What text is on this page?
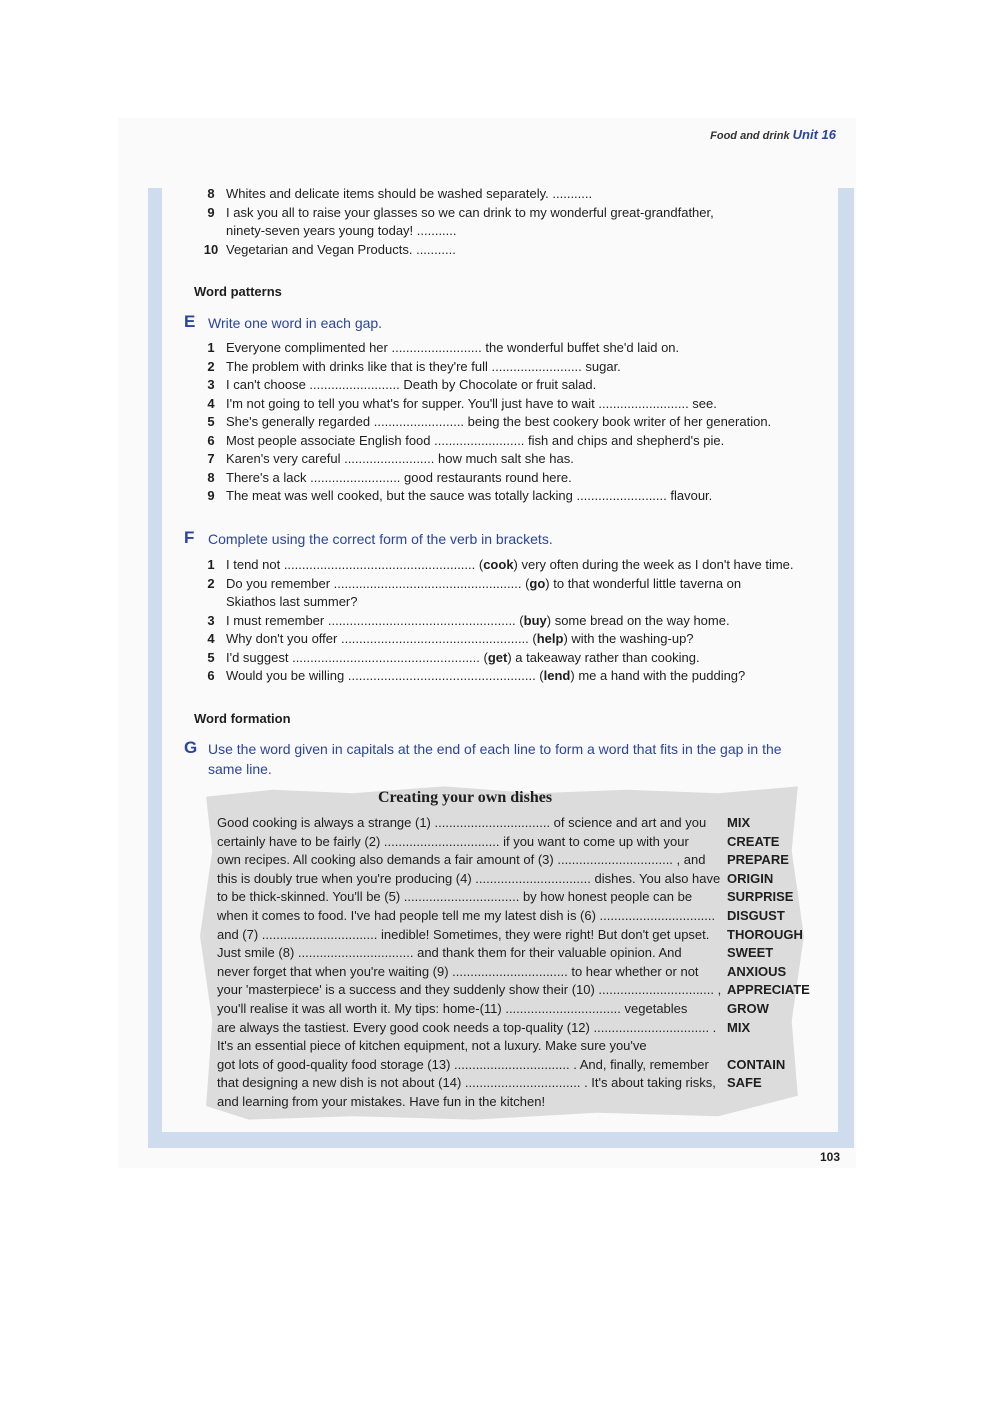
Food and drink Unit 16
8 Whites and delicate items should be washed separately. ...........
9 I ask you all to raise your glasses so we can drink to my wonderful great-grandfather,
ninety-seven years young today! ...........
10 Vegetarian and Vegan Products. ...........
Word patterns
E Write one word in each gap.
1 Everyone complimented her ......................... the wonderful buffet she'd laid on.
2 The problem with drinks like that is they're full ......................... sugar.
3 I can't choose ......................... Death by Chocolate or fruit salad.
4 I'm not going to tell you what's for supper. You'll just have to wait ......................... see.
5 She's generally regarded ......................... being the best cookery book writer of her generation.
6 Most people associate English food ......................... fish and chips and shepherd's pie.
7 Karen's very careful ......................... how much salt she has.
8 There's a lack ......................... good restaurants round here.
9 The meat was well cooked, but the sauce was totally lacking ......................... flavour.
F Complete using the correct form of the verb in brackets.
1 I tend not ..................................................... (cook) very often during the week as I don't have time.
2 Do you remember .................................................... (go) to that wonderful little taverna on
Skiathos last summer?
3 I must remember .................................................... (buy) some bread on the way home.
4 Why don't you offer .................................................... (help) with the washing-up?
5 I'd suggest .................................................... (get) a takeaway rather than cooking.
6 Would you be willing .................................................... (lend) me a hand with the pudding?
Word formation
G Use the word given in capitals at the end of each line to form a word that fits in the gap in the same line.
Creating your own dishes
Good cooking is always a strange (1) ................................ of science and art and you	MIX
certainly have to be fairly (2) ................................ if you want to come up with your	CREATE
own recipes. All cooking also demands a fair amount of (3) ................................ , and	PREPARE
this is doubly true when you're producing (4) ................................ dishes. You also have ORIGIN
to be thick-skinned. You'll be (5) ................................ by how honest people can be	SURPRISE
when it comes to food. I've had people tell me my latest dish is (6) ................................ DISGUST
and (7) ................................ inedible! Sometimes, they were right! But don't get upset.	THOROUGH
Just smile (8) ................................ and thank them for their valuable opinion. And	SWEET
never forget that when you're waiting (9) ................................ to hear whether or not	ANXIOUS
your 'masterpiece' is a success and they suddenly show their (10) ................................ , APPRECIATE
you'll realise it was all worth it. My tips: home-(11) ................................ vegetables	GROW
are always the tastiest. Every good cook needs a top-quality (12) ................................ . MIX
It's an essential piece of kitchen equipment, not a luxury. Make sure you've
got lots of good-quality food storage (13) ................................ . And, finally, remember	CONTAIN
that designing a new dish is not about (14) ................................ . It's about taking risks, SAFE
and learning from your mistakes. Have fun in the kitchen!
103
